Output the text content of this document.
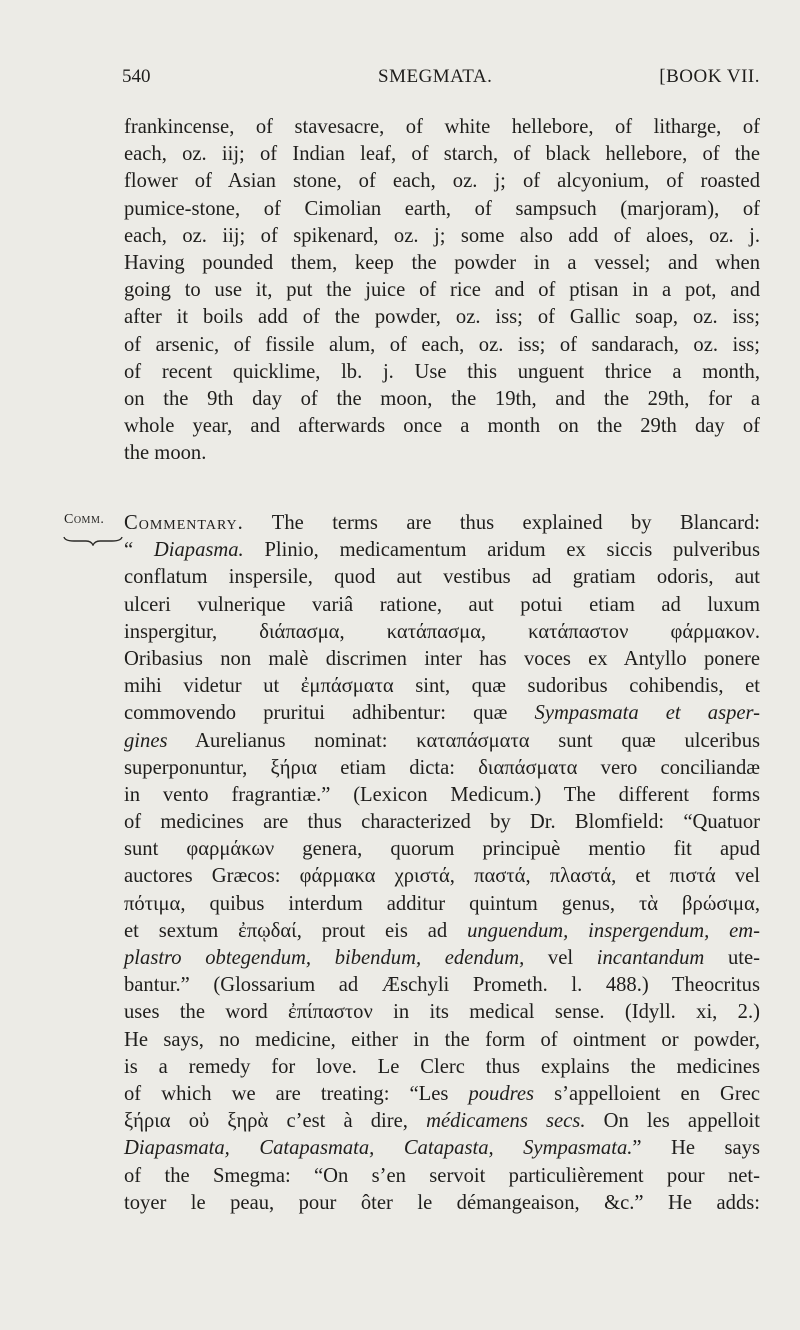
540	SMEGMATA.	[BOOK VII.
frankincense, of stavesacre, of white hellebore, of litharge, of
each, oz. iij; of Indian leaf, of starch, of black hellebore, of the
flower of Asian stone, of each, oz. j; of alcyonium, of roasted
pumice-stone, of Cimolian earth, of sampsuch (marjoram), of
each, oz. iij; of spikenard, oz. j; some also add of aloes, oz. j.
Having pounded them, keep the powder in a vessel; and when
going to use it, put the juice of rice and of ptisan in a pot, and
after it boils add of the powder, oz. iss; of Gallic soap, oz. iss;
of arsenic, of fissile alum, of each, oz. iss; of sandarach, oz. iss;
of recent quicklime, lb. j. Use this unguent thrice a month,
on the 9th day of the moon, the 19th, and the 29th, for a
whole year, and afterwards once a month on the 29th day of
the moon.
Comm. Commentary. The terms are thus explained by Blancard:
“ Diapasma. Plinio, medicamentum aridum ex siccis pulveribus
conflatum inspersile, quod aut vestibus ad gratiam odoris, aut
ulceri vulnerique variâ ratione, aut potui etiam ad luxum
inspergitur, διάπασμα, κατάπασμα, κατάπαστον φάρμακον.
Oribasius non malè discrimen inter has voces ex Antyllo ponere
mihi videtur ut ἐμπάσματα sint, quæ sudoribus cohibendis, et
commovendo pruritui adhibentur: quæ Sympasmata et asper-
gines Aurelianus nominat: καταπάσματα sunt quæ ulceribus
superponuntur, ξήρια etiam dicta: διαπάσματα vero conciliandæ
in vento fragrantiæ.” (Lexicon Medicum.) The different forms
of medicines are thus characterized by Dr. Blomfield: “Quatuor
sunt φαρμάκων genera, quorum principuè mentio fit apud
auctores Græcos: φάρμακα χριστά, παστά, πλαστά, et πιστά vel
πότιμα, quibus interdum additur quintum genus, τὰ βρώσιμα,
et sextum ἐπῳδαί, prout eis ad unguendum, inspergendum, em-
plastro obtegendum, bibendum, edendum, vel incantandum ute-
bantur.” (Glossarium ad Æschyli Prometh. l. 488.) Theocritus
uses the word ἐπίπαστον in its medical sense. (Idyll. xi, 2.)
He says, no medicine, either in the form of ointment or powder,
is a remedy for love. Le Clerc thus explains the medicines
of which we are treating: “Les poudres s’appelloient en Grec
ξήρια οὐ ξηρὰ c’est à dire, médicamens secs. On les appelloit
Diapasmata, Catapasmata, Catapasta, Sympasmata.” He says
of the Smegma: “On s’en servoit particulièrement pour net-
toyer le peau, pour ôter le démangeaison, &c.” He adds:
